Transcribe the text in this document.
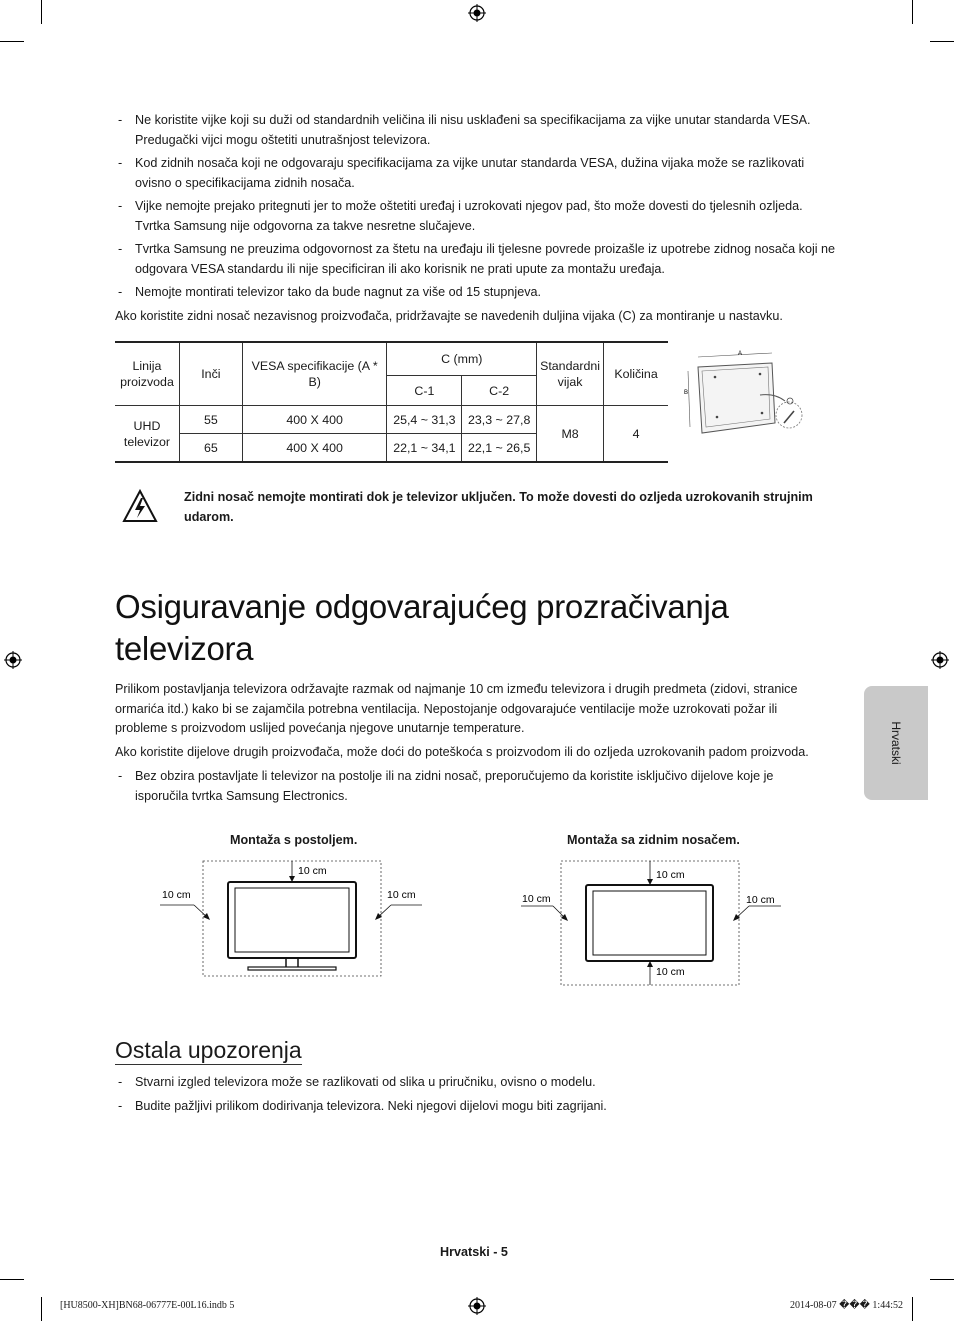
- Ne koristite vijke koji su duži od standardnih veličina ili nisu usklađeni sa specifikacijama za vijke unutar standarda VESA. Predugački vijci mogu oštetiti unutrašnjost televizora.
- Kod zidnih nosača koji ne odgovaraju specifikacijama za vijke unutar standarda VESA, dužina vijaka može se razlikovati ovisno o specifikacijama zidnih nosača.
- Vijke nemojte prejako pritegnuti jer to može oštetiti uređaj i uzrokovati njegov pad, što može dovesti do tjelesnih ozljeda. Tvrtka Samsung nije odgovorna za takve nesretne slučajeve.
- Tvrtka Samsung ne preuzima odgovornost za štetu na uređaju ili tjelesne povrede proizašle iz upotrebe zidnog nosača koji ne odgovara VESA standardu ili nije specificiran ili ako korisnik ne prati upute za montažu uređaja.
- Nemojte montirati televizor tako da bude nagnut za više od 15 stupnjeva.

Ako koristite zidni nosač nezavisnog proizvođača, pridržavajte se navedenih duljina vijaka (C) za montiranje u nastavku.

Linija proizvoda	Inči	VESA specifikacije (A * B)	C (mm)		Standardni vijak	Količina
			C-1	C-2		
UHD televizor	55	400 X 400	25,4 ~ 31,3	23,3 ~ 27,8	M8	4
	65	400 X 400	22,1 ~ 34,1	22,1 ~ 26,5		
A
B
Zidni nosač nemojte montirati dok je televizor uključen. To može dovesti do ozljeda uzrokovanih strujnim udarom.
Osiguravanje odgovarajućeg prozračivanja televizora

Prilikom postavljanja televizora održavajte razmak od najmanje 10 cm između televizora i drugih predmeta (zidovi, stranice ormarića itd.) kako bi se zajamčila potrebna ventilacija. Nepostojanje odgovarajuće ventilacije može uzrokovati požar ili probleme s proizvodom uslijed povećanja njegove unutarnje temperature.

Ako koristite dijelove drugih proizvođača, može doći do poteškoća s proizvodom ili do ozljeda uzrokovanih padom proizvoda.

- Bez obzira postavljate li televizor na postolje ili na zidni nosač, preporučujemo da koristite isključivo dijelove koje je isporučila tvrtka Samsung Electronics.
Hrvatski
Montaža s postoljem.	Montaža sa zidnim nosačem.
10 cm
10 cm	10 cm
10 cm
10 cm
10 cm	10 cm
Ostala upozorenja
- Stvarni izgled televizora može se razlikovati od slika u priručniku, ovisno o modelu.
- Budite pažljivi prilikom dodirivanja televizora. Neki njegovi dijelovi mogu biti zagrijani.
Hrvatski - 5
[HU8500-XH]BN68-06777E-00L16.indb 5	2014-08-07 ��� 1:44:52
